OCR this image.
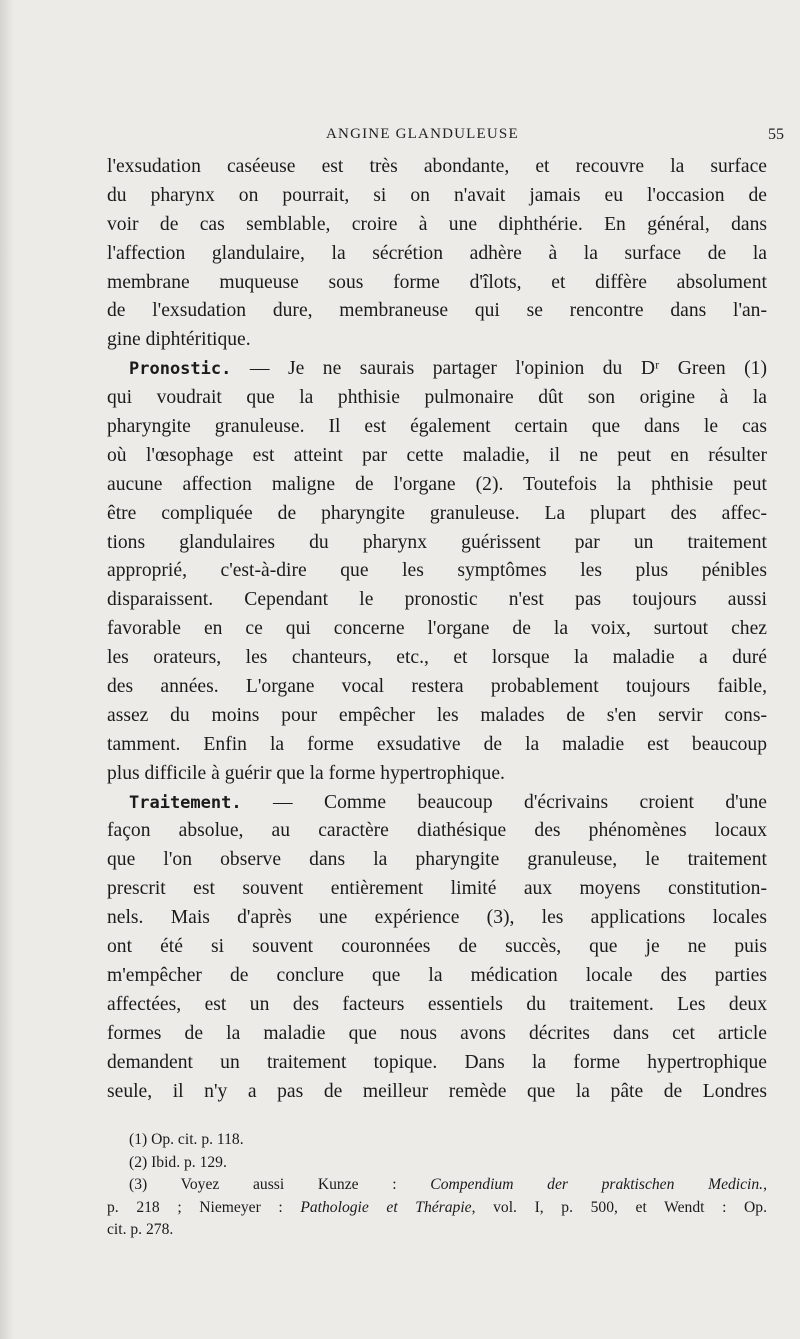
ANGINE GLANDULEUSE	55
l'exsudation caséeuse est très abondante, et recouvre la surface
du pharynx on pourrait, si on n'avait jamais eu l'occasion de
voir de cas semblable, croire à une diphthérie. En général, dans
l'affection glandulaire, la sécrétion adhère à la surface de la
membrane muqueuse sous forme d'îlots, et diffère absolument
de l'exsudation dure, membraneuse qui se rencontre dans l'an-
gine diphtéritique.
Pronostic. — Je ne saurais partager l'opinion du Dʳ Green (1)
qui voudrait que la phthisie pulmonaire dût son origine à la
pharyngite granuleuse. Il est également certain que dans le cas
où l'œsophage est atteint par cette maladie, il ne peut en résulter
aucune affection maligne de l'organe (2). Toutefois la phthisie peut
être compliquée de pharyngite granuleuse. La plupart des affec-
tions glandulaires du pharynx guérissent par un traitement
approprié, c'est-à-dire que les symptômes les plus pénibles
disparaissent. Cependant le pronostic n'est pas toujours aussi
favorable en ce qui concerne l'organe de la voix, surtout chez
les orateurs, les chanteurs, etc., et lorsque la maladie a duré
des années. L'organe vocal restera probablement toujours faible,
assez du moins pour empêcher les malades de s'en servir cons-
tamment. Enfin la forme exsudative de la maladie est beaucoup
plus difficile à guérir que la forme hypertrophique.
Traitement. — Comme beaucoup d'écrivains croient d'une
façon absolue, au caractère diathésique des phénomènes locaux
que l'on observe dans la pharyngite granuleuse, le traitement
prescrit est souvent entièrement limité aux moyens constitution-
nels. Mais d'après une expérience (3), les applications locales
ont été si souvent couronnées de succès, que je ne puis
m'empêcher de conclure que la médication locale des parties
affectées, est un des facteurs essentiels du traitement. Les deux
formes de la maladie que nous avons décrites dans cet article
demandent un traitement topique. Dans la forme hypertrophique
seule, il n'y a pas de meilleur remède que la pâte de Londres
(1) Op. cit. p. 118.
(2) Ibid. p. 129.
(3) Voyez aussi Kunze : Compendium der praktischen Medicin.,
p. 218 ; Niemeyer : Pathologie et Thérapie, vol. I, p. 500, et Wendt : Op.
cit. p. 278.
